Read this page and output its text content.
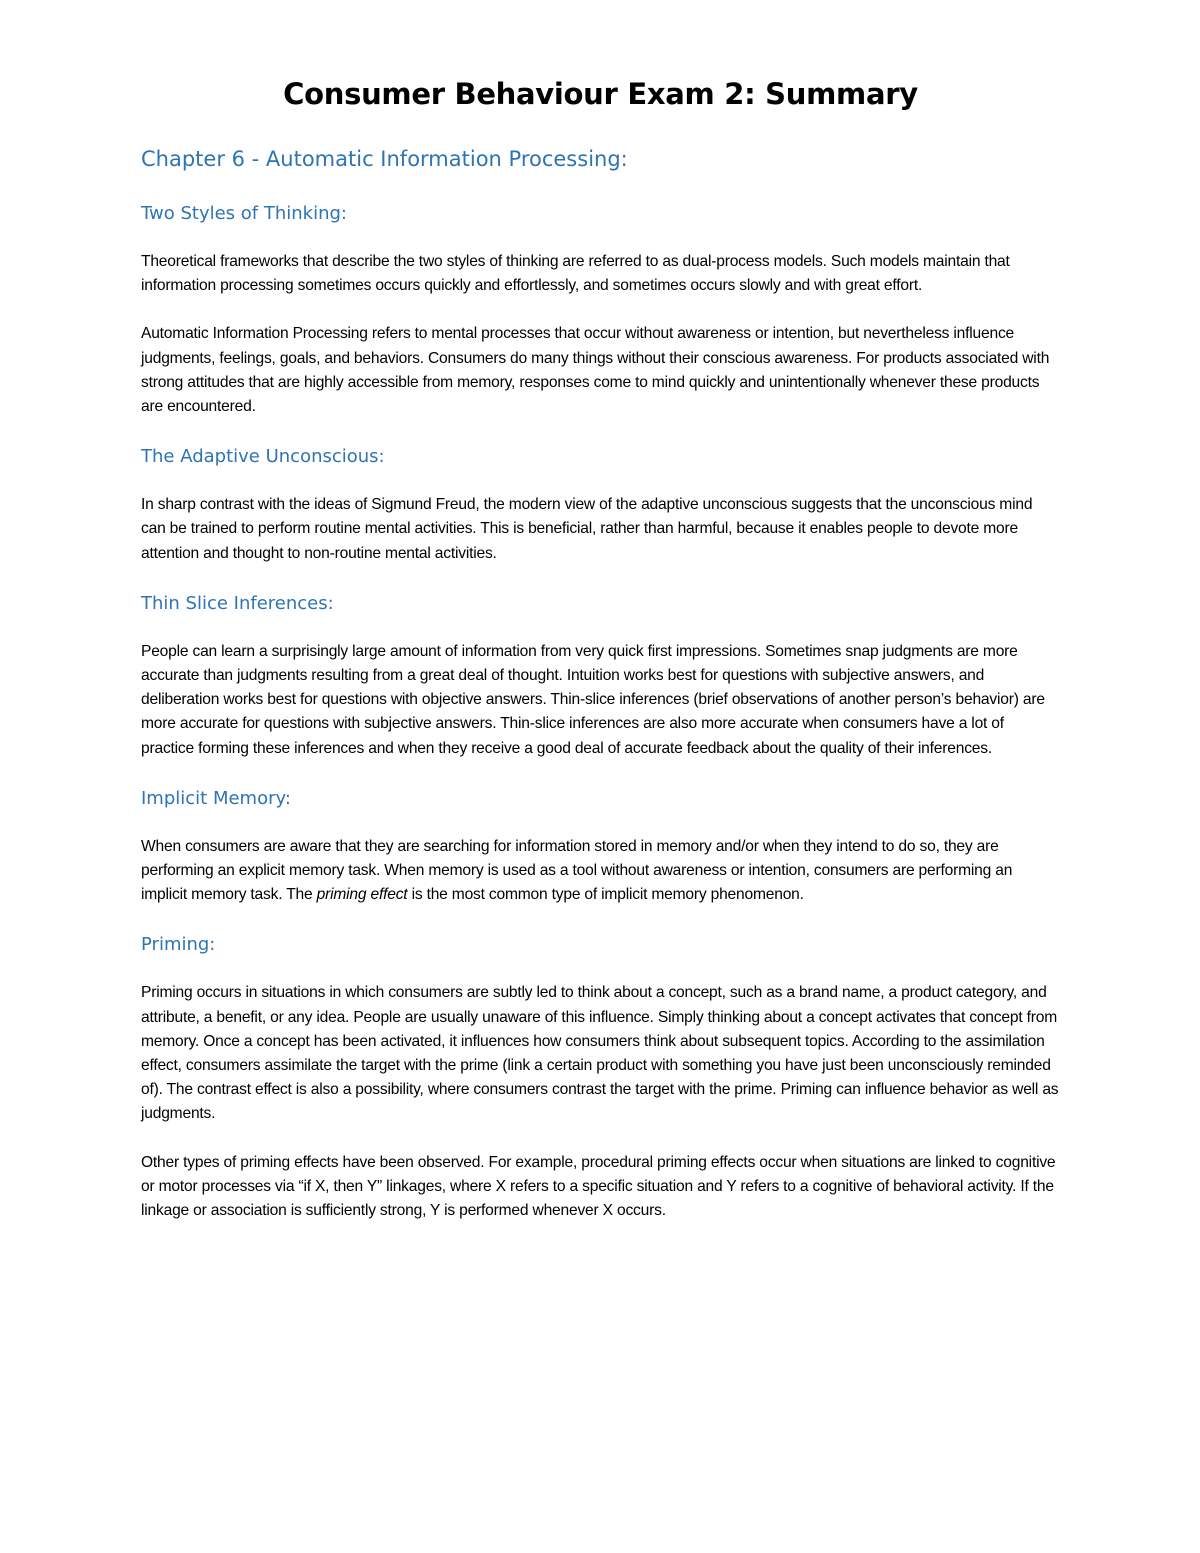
Consumer Behaviour Exam 2: Summary
Chapter 6 - Automatic Information Processing:
Two Styles of Thinking:

Theoretical frameworks that describe the two styles of thinking are referred to as dual-process models. Such models maintain that information processing sometimes occurs quickly and effortlessly, and sometimes occurs slowly and with great effort.

Automatic Information Processing refers to mental processes that occur without awareness or intention, but nevertheless influence judgments, feelings, goals, and behaviors. Consumers do many things without their conscious awareness. For products associated with strong attitudes that are highly accessible from memory, responses come to mind quickly and unintentionally whenever these products are encountered.

The Adaptive Unconscious:

In sharp contrast with the ideas of Sigmund Freud, the modern view of the adaptive unconscious suggests that the unconscious mind can be trained to perform routine mental activities. This is beneficial, rather than harmful, because it enables people to devote more attention and thought to non-routine mental activities.

Thin Slice Inferences:

People can learn a surprisingly large amount of information from very quick first impressions. Sometimes snap judgments are more accurate than judgments resulting from a great deal of thought. Intuition works best for questions with subjective answers, and deliberation works best for questions with objective answers. Thin-slice inferences (brief observations of another person’s behavior) are more accurate for questions with subjective answers. Thin-slice inferences are also more accurate when consumers have a lot of practice forming these inferences and when they receive a good deal of accurate feedback about the quality of their inferences.

Implicit Memory:

When consumers are aware that they are searching for information stored in memory and/or when they intend to do so, they are performing an explicit memory task. When memory is used as a tool without awareness or intention, consumers are performing an implicit memory task. The priming effect is the most common type of implicit memory phenomenon.

Priming:

Priming occurs in situations in which consumers are subtly led to think about a concept, such as a brand name, a product category, and attribute, a benefit, or any idea. People are usually unaware of this influence. Simply thinking about a concept activates that concept from memory. Once a concept has been activated, it influences how consumers think about subsequent topics. According to the assimilation effect, consumers assimilate the target with the prime (link a certain product with something you have just been unconsciously reminded of). The contrast effect is also a possibility, where consumers contrast the target with the prime. Priming can influence behavior as well as judgments.

Other types of priming effects have been observed. For example, procedural priming effects occur when situations are linked to cognitive or motor processes via “if X, then Y” linkages, where X refers to a specific situation and Y refers to a cognitive of behavioral activity. If the linkage or association is sufficiently strong, Y is performed whenever X occurs.
